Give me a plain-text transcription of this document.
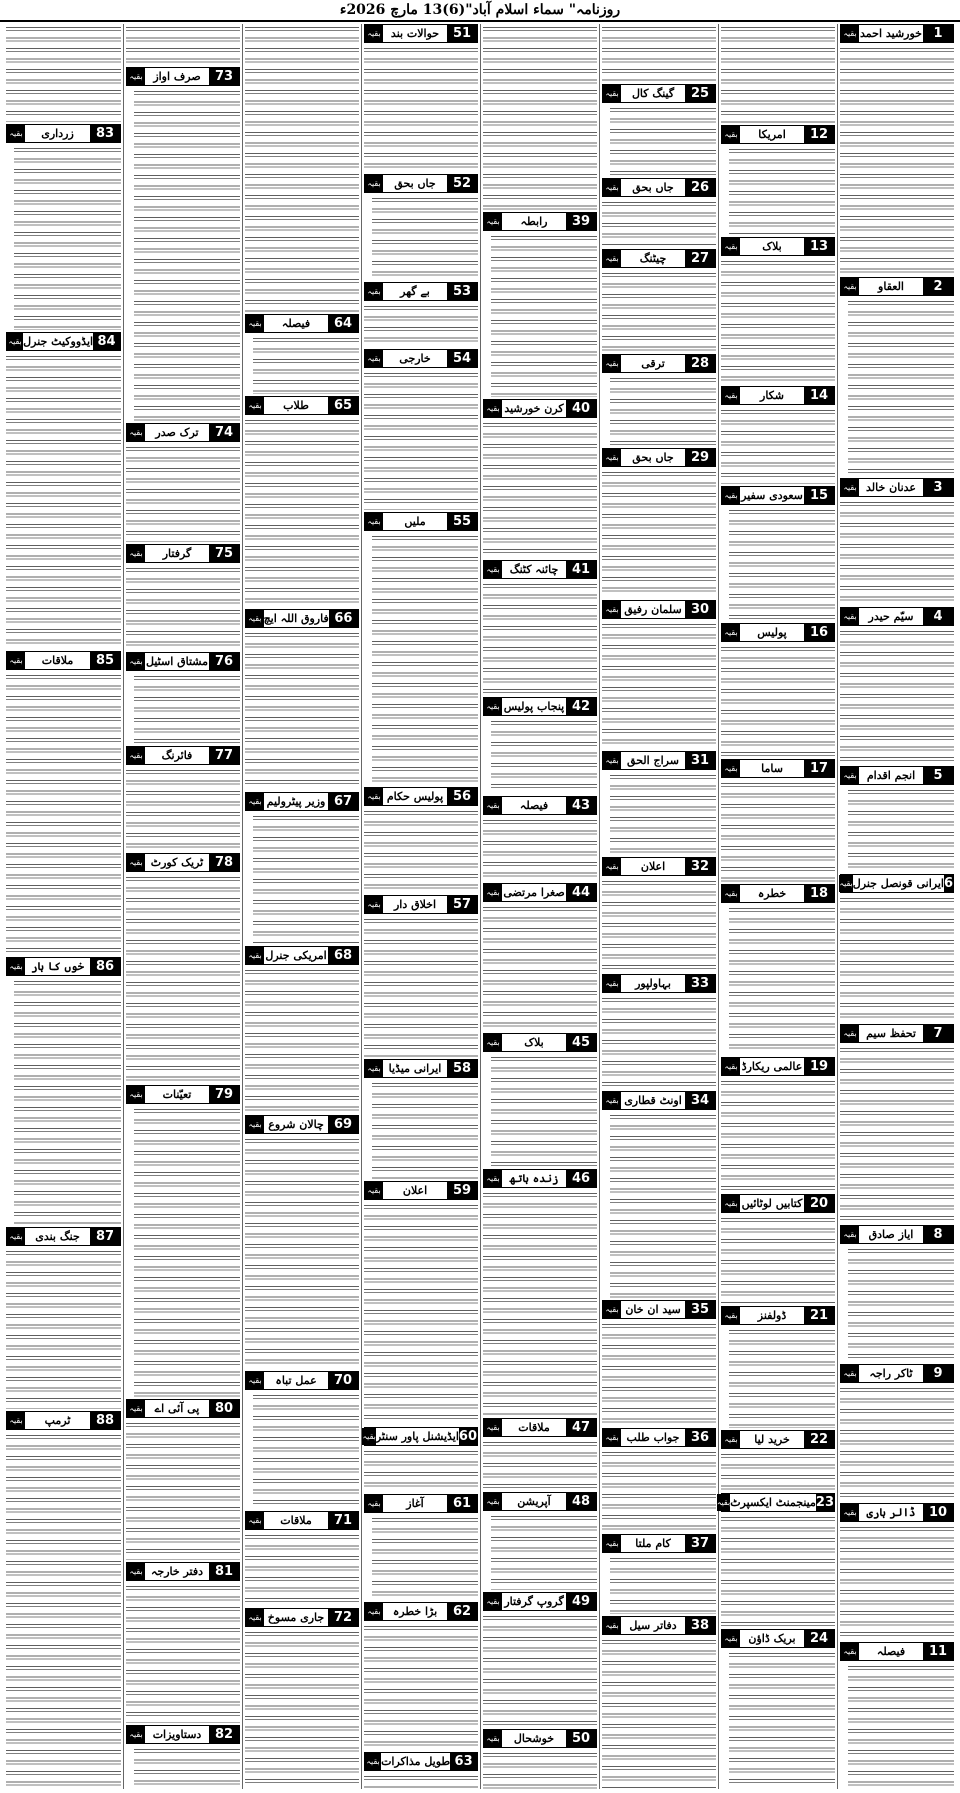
روزنامہ" سماء اسلام آباد"(6)13 مارچ 2026ء
1
خورشید احمد
بقیہ
2
العقاو
بقیہ
3
عدنان خالد
بقیہ
4
سیّم حیدر
بقیہ
5
انجم اقدام
بقیہ
6
ایرانی قونصل جنرل
بقیہ
7
تحفظ سیم
بقیہ
8
ایاز صادق
بقیہ
9
ٹاکر راجہ
بقیہ
10
ڈالر ہاری
بقیہ
11
فیصلہ
بقیہ
12
امریکا
بقیہ
13
بلاک
بقیہ
14
شکار
بقیہ
15
سعودی سفیر
بقیہ
16
پولیس
بقیہ
17
ساما
بقیہ
18
خطرہ
بقیہ
19
عالمی ریکارڈ
بقیہ
20
کتابیں لوٹائیں
بقیہ
21
ڈولفنز
بقیہ
22
خرید لیا
بقیہ
23
مینجمنٹ ایکسپرٹ
بقیہ
24
بریک ڈاؤن
بقیہ
25
گینگ کال
بقیہ
26
جاں بحق
بقیہ
27
چیٹنگ
بقیہ
28
ترقی
بقیہ
29
جاں بحق
بقیہ
30
سلمان رفیق
بقیہ
31
سراج الحق
بقیہ
32
اعلان
بقیہ
33
بہاولپور
بقیہ
34
اونٹ قطاری
بقیہ
35
سید ان خان
بقیہ
36
جواب طلب
بقیہ
37
کام ملتا
بقیہ
38
دفاتر سیل
بقیہ
39
رابطہ
بقیہ
40
کرن خورشید
بقیہ
41
چائنہ کٹنگ
بقیہ
42
پنجاب پولیس
بقیہ
43
فیصلہ
بقیہ
44
صغرا مرتضی
بقیہ
45
بلاک
بقیہ
46
زندہ ہاتھ
بقیہ
47
ملاقات
بقیہ
48
آپریشن
بقیہ
49
گروپ گرفتار
بقیہ
50
خوشحال
بقیہ
51
حوالات بند
بقیہ
52
جاں بحق
بقیہ
53
بے گھر
بقیہ
54
خارجی
بقیہ
55
ملیں
بقیہ
56
پولیس حکام
بقیہ
57
اخلاق دار
بقیہ
58
ایرانی میڈیا
بقیہ
59
اعلان
بقیہ
60
ایڈیشنل پاور سنٹر
بقیہ
61
آغاز
بقیہ
62
بڑا خطرہ
بقیہ
63
طویل مذاکرات
بقیہ
64
فیصلہ
بقیہ
65
طلاب
بقیہ
66
فاروق اللہ ایچ
بقیہ
67
وزیر پیٹرولیم
بقیہ
68
امریکی جنرل
بقیہ
69
چالان شروع
بقیہ
70
عمل تباہ
بقیہ
71
ملاقات
بقیہ
72
جاری مسوخ
بقیہ
73
صرف اواز
بقیہ
74
ترک صدر
بقیہ
75
گرفتار
بقیہ
76
مشتاق اسٹیل
بقیہ
77
فائرنگ
بقیہ
78
ٹریک کورٹ
بقیہ
79
تعیّنات
بقیہ
80
پی آئی اے
بقیہ
81
دفتر خارجہ
بقیہ
82
دستاویزات
بقیہ
83
زرداری
بقیہ
84
ایڈووکیٹ جنرل
بقیہ
85
ملاقات
بقیہ
86
خوں کا ہار
بقیہ
87
جنگ بندی
بقیہ
88
ٹرمپ
بقیہ
